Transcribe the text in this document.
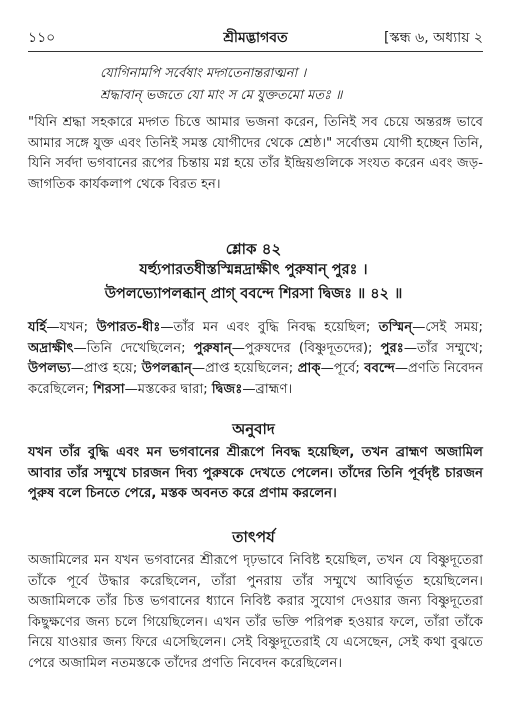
১১০	শ্রীমদ্ভাগবত	[স্কন্ধ ৬, অধ্যায় ২
যোগিনামপি সর্বেষাং মদ্গতেনান্তরাত্মনা ।
শ্রদ্ধাবান্ ভজতে যো মাং স মে যুক্ততমো মতঃ ॥
"যিনি শ্রদ্ধা সহকারে মদ্গত চিত্তে আমার ভজনা করেন, তিনিই সব চেয়ে অন্তরঙ্গ ভাবে আমার সঙ্গে যুক্ত এবং তিনিই সমস্ত যোগীদের থেকে শ্রেষ্ঠ।" সর্বোত্তম যোগী হচ্ছেন তিনি, যিনি সর্বদা ভগবানের রূপের চিন্তায় মগ্ন হয়ে তাঁর ইন্দ্রিয়গুলিকে সংযত করেন এবং জড়-জাগতিক কার্যকলাপ থেকে বিরত হন।
শ্লোক ৪২
যর্হ্যুপারতধীস্তস্মিন্নদ্রাক্ষীৎ পুরুষান্ পুরঃ ।
উপলভ্যোপলব্ধান্ প্রাগ্ ববন্দে শিরসা দ্বিজঃ ॥ ৪২ ॥
যর্হি—যখন; উপারত-ধীঃ—তাঁর মন এবং বুদ্ধি নিবদ্ধ হয়েছিল; তস্মিন্—সেই সময়; অদ্রাক্ষীৎ—তিনি দেখেছিলেন; পুরুষান্—পুরুষদের (বিষ্ণুদূতদের); পুরঃ—তাঁর সম্মুখে; উপলভ্য—প্রাপ্ত হয়ে; উপলব্ধান্—প্রাপ্ত হয়েছিলেন; প্রাক্—পূর্বে; ববন্দে—প্রণতি নিবেদন করেছিলেন; শিরসা—মস্তকের দ্বারা; দ্বিজঃ—ব্রাহ্মণ।
অনুবাদ
যখন তাঁর বুদ্ধি এবং মন ভগবানের শ্রীরূপে নিবদ্ধ হয়েছিল, তখন ব্রাহ্মণ অজামিল আবার তাঁর সম্মুখে চারজন দিব্য পুরুষকে দেখতে পেলেন। তাঁদের তিনি পূর্বদৃষ্ট চারজন পুরুষ বলে চিনতে পেরে, মস্তক অবনত করে প্রণাম করলেন।
তাৎপর্য
অজামিলের মন যখন ভগবানের শ্রীরূপে দৃঢ়ভাবে নিবিষ্ট হয়েছিল, তখন যে বিষ্ণুদূতেরা তাঁকে পূর্বে উদ্ধার করেছিলেন, তাঁরা পুনরায় তাঁর সম্মুখে আবির্ভূত হয়েছিলেন। অজামিলকে তাঁর চিত্ত ভগবানের ধ্যানে নিবিষ্ট করার সুযোগ দেওয়ার জন্য বিষ্ণুদূতেরা কিছুক্ষণের জন্য চলে গিয়েছিলেন। এখন তাঁর ভক্তি পরিপক্ব হওয়ার ফলে, তাঁরা তাঁকে নিয়ে যাওয়ার জন্য ফিরে এসেছিলেন। সেই বিষ্ণুদূতেরাই যে এসেছেন, সেই কথা বুঝতে পেরে অজামিল নতমস্তকে তাঁদের প্রণতি নিবেদন করেছিলেন।
